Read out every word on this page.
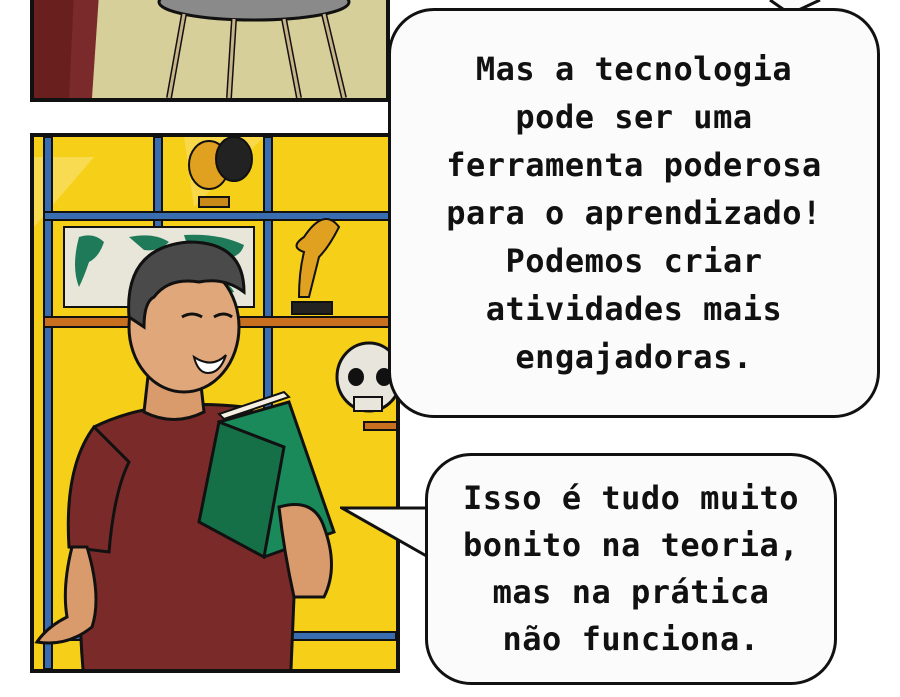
Mas a tecnologia
pode ser uma
ferramenta poderosa
para o aprendizado!
Podemos criar
atividades mais
engajadoras.
Isso é tudo muito
bonito na teoria,
mas na prática
não funciona.
